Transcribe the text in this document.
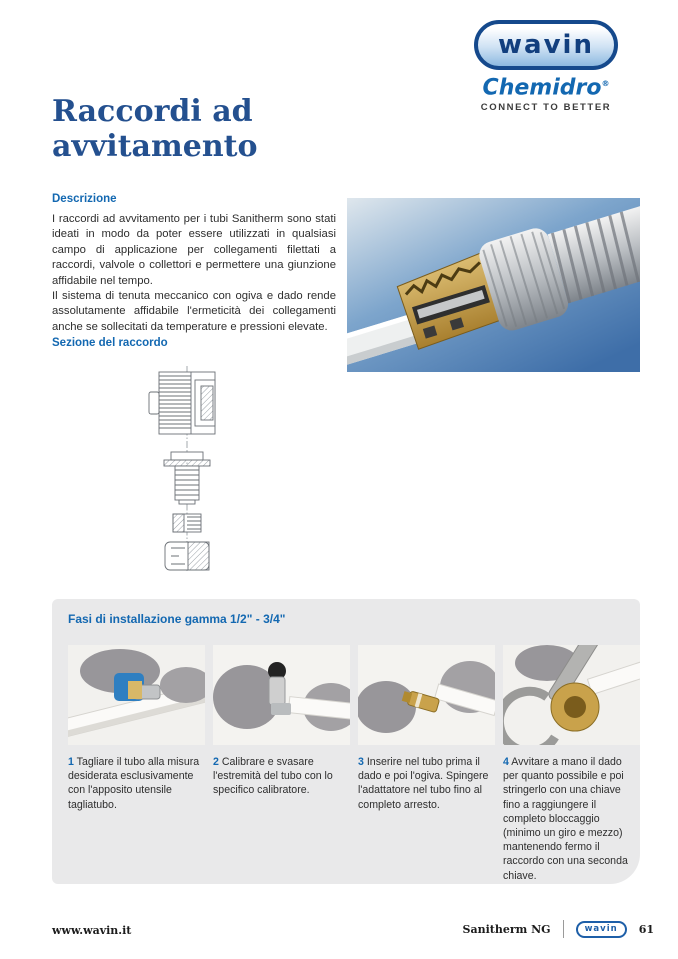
wavin
Chemidro®
CONNECT TO BETTER
Raccordi ad avvitamento
Descrizione

I raccordi ad avvitamento per i tubi Sanitherm sono stati ideati in modo da poter essere utilizzati in qualsiasi campo di applicazione per collegamenti filettati a raccordi, valvole o collettori e permettere una giunzione affidabile nel tempo.

Il sistema di tenuta meccanico con ogiva e dado rende assolutamente affidabile l'ermeticità dei collegamenti anche se sollecitati da temperature e pressioni elevate.

Sezione del raccordo
Fasi di installazione gamma 1/2" - 3/4"
1 Tagliare il tubo alla misura desiderata esclusivamente con l'apposito utensile tagliatubo.
2 Calibrare e svasare l'estremità del tubo con lo specifico calibratore.
3 Inserire nel tubo prima il dado e poi l'ogiva. Spingere l'adattatore nel tubo fino al completo arresto.
4 Avvitare a mano il dado per quanto possibile e poi stringerlo con una chiave fino a raggiungere il completo bloccaggio (minimo un giro e mezzo) mantenendo fermo il raccordo con una seconda chiave.
www.wavin.it	Sanitherm NG	wavin	61
